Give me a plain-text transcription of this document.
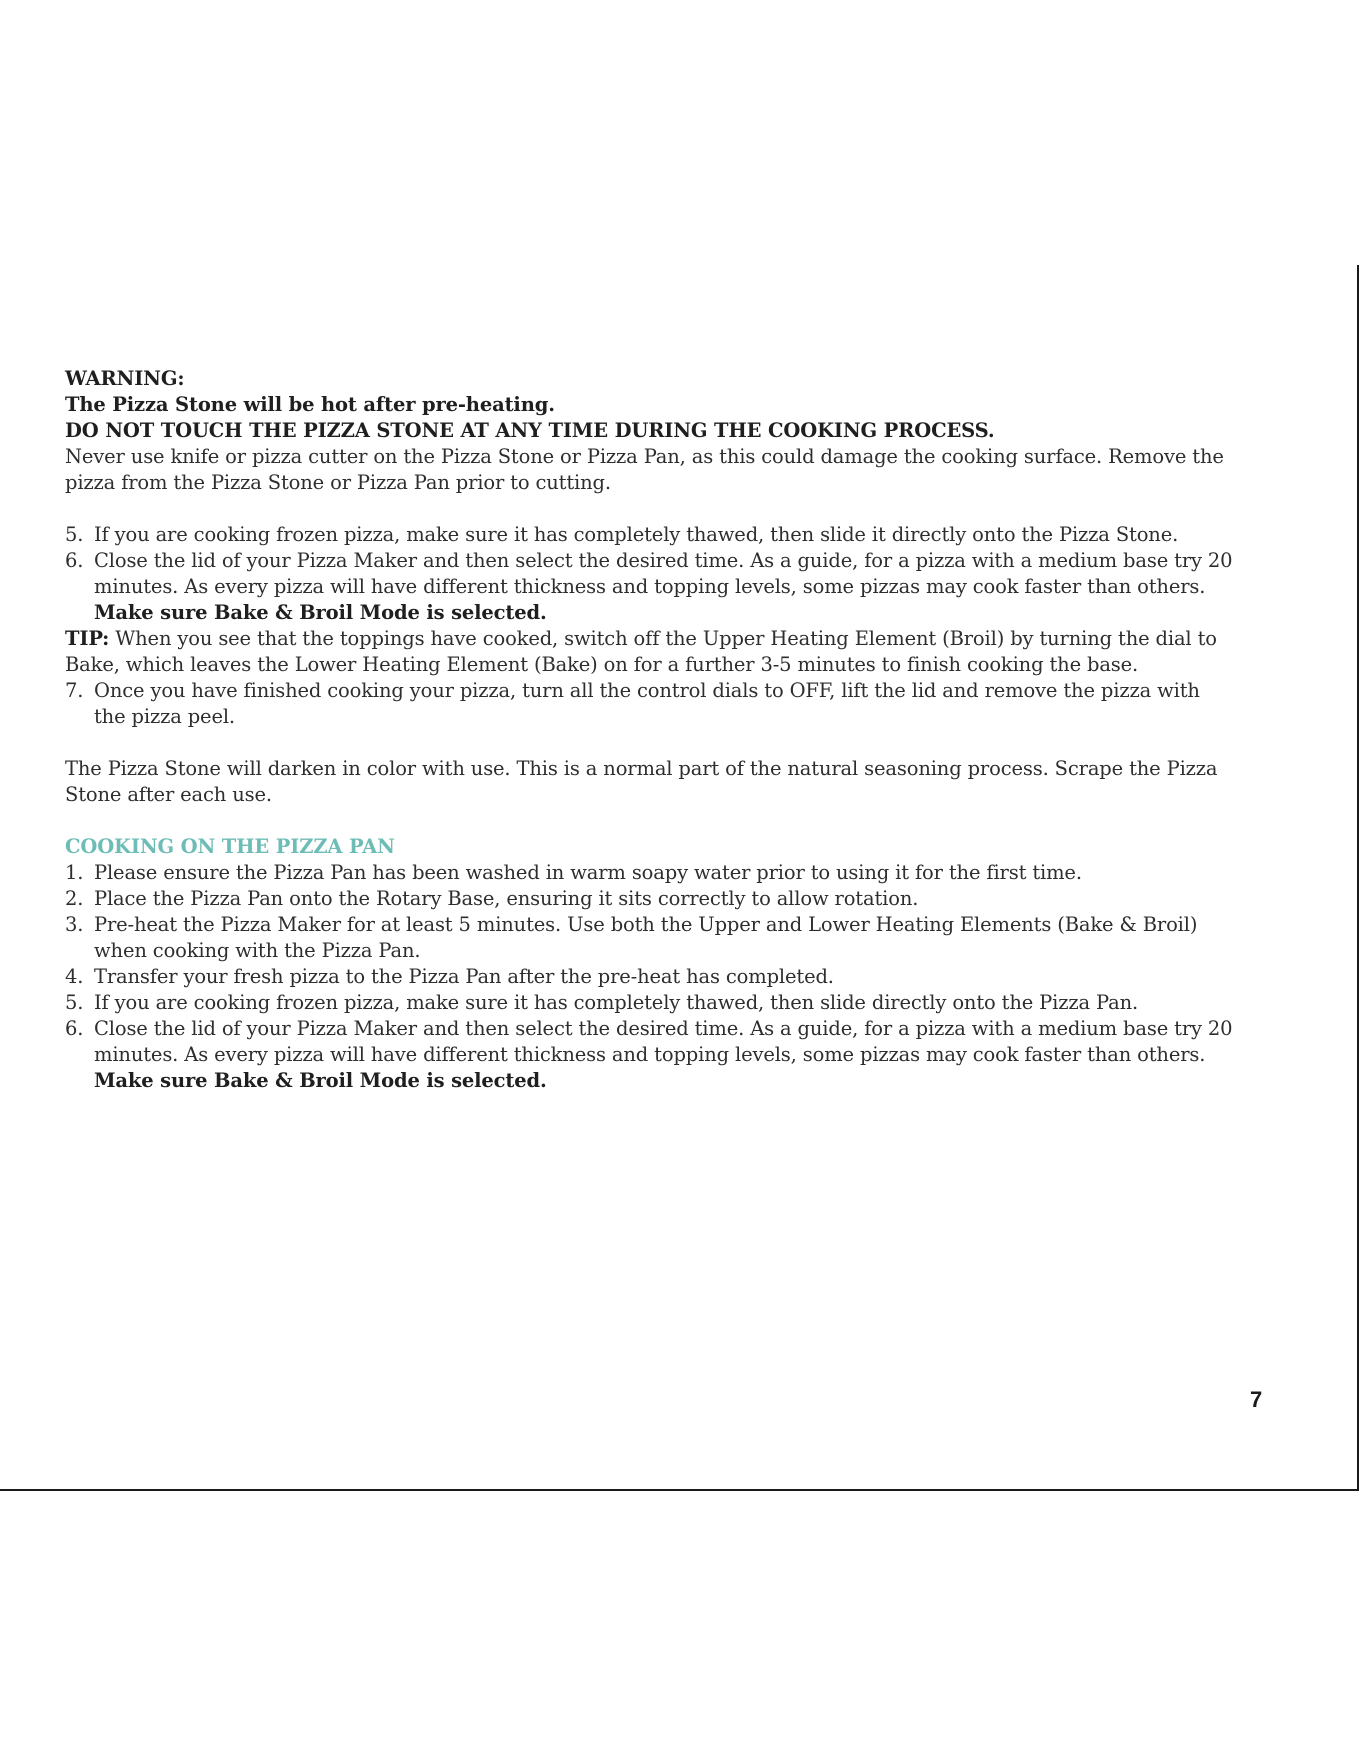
WARNING:
The Pizza Stone will be hot after pre-heating.
DO NOT TOUCH THE PIZZA STONE AT ANY TIME DURING THE COOKING PROCESS.
Never use knife or pizza cutter on the Pizza Stone or Pizza Pan, as this could damage the cooking surface. Remove the pizza from the Pizza Stone or Pizza Pan prior to cutting.
5. If you are cooking frozen pizza, make sure it has completely thawed, then slide it directly onto the Pizza Stone.
6. Close the lid of your Pizza Maker and then select the desired time. As a guide, for a pizza with a medium base try 20 minutes. As every pizza will have different thickness and topping levels, some pizzas may cook faster than others.
Make sure Bake & Broil Mode is selected.
TIP: When you see that the toppings have cooked, switch off the Upper Heating Element (Broil) by turning the dial to Bake, which leaves the Lower Heating Element (Bake) on for a further 3-5 minutes to finish cooking the base.
7. Once you have finished cooking your pizza, turn all the control dials to OFF, lift the lid and remove the pizza with the pizza peel.
The Pizza Stone will darken in color with use. This is a normal part of the natural seasoning process. Scrape the Pizza Stone after each use.
COOKING ON THE PIZZA PAN
1. Please ensure the Pizza Pan has been washed in warm soapy water prior to using it for the first time.
2. Place the Pizza Pan onto the Rotary Base, ensuring it sits correctly to allow rotation.
3. Pre-heat the Pizza Maker for at least 5 minutes. Use both the Upper and Lower Heating Elements (Bake & Broil) when cooking with the Pizza Pan.
4. Transfer your fresh pizza to the Pizza Pan after the pre-heat has completed.
5. If you are cooking frozen pizza, make sure it has completely thawed, then slide directly onto the Pizza Pan.
6. Close the lid of your Pizza Maker and then select the desired time. As a guide, for a pizza with a medium base try 20 minutes. As every pizza will have different thickness and topping levels, some pizzas may cook faster than others.
Make sure Bake & Broil Mode is selected.
7
